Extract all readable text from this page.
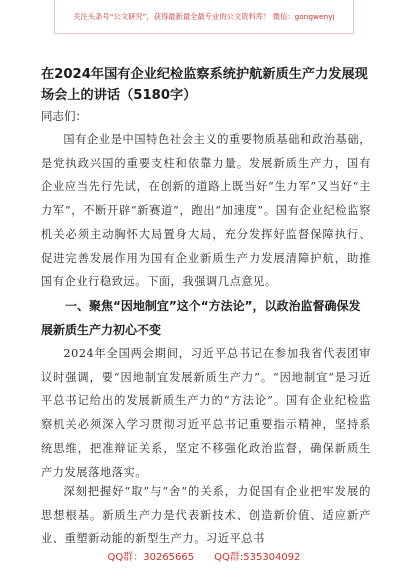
关注头条号“公文研究”，获得最新最全最专业的公文资料库！ 微信：gongwenyj
在2024年国有企业纪检监察系统护航新质生产力发展现场会上的讲话（5180字）
同志们：
国有企业是中国特色社会主义的重要物质基础和政治基础，是党执政兴国的重要支柱和依靠力量。发展新质生产力，国有企业应当先行先试，在创新的道路上既当好“生力军”又当好“主力军”，不断开辟“新赛道”，跑出“加速度”。国有企业纪检监察机关必须主动胸怀大局置身大局，充分发挥好监督保障执行、促进完善发展作用为国有企业新质生产力发展清障护航，助推国有企业行稳致远。下面，我强调几点意见。
一、聚焦“因地制宜”这个“方法论”，以政治监督确保发展新质生产力初心不变
2024年全国两会期间，习近平总书记在参加我省代表团审议时强调，要“因地制宜发展新质生产力”。“因地制宜”是习近平总书记给出的发展新质生产力的“方法论”。国有企业纪检监察机关必须深入学习贯彻习近平总书记重要指示精神，坚持系统思维，把准辩证关系，坚定不移强化政治监督，确保新质生产力发展落地落实。
深刻把握好“取”与“舍”的关系，力促国有企业把牢发展的思想根基。新质生产力是代表新技术、创造新价值、适应新产业、重塑新动能的新型生产力。习近平总书
QQ群：30265665 QQ群:535304092
